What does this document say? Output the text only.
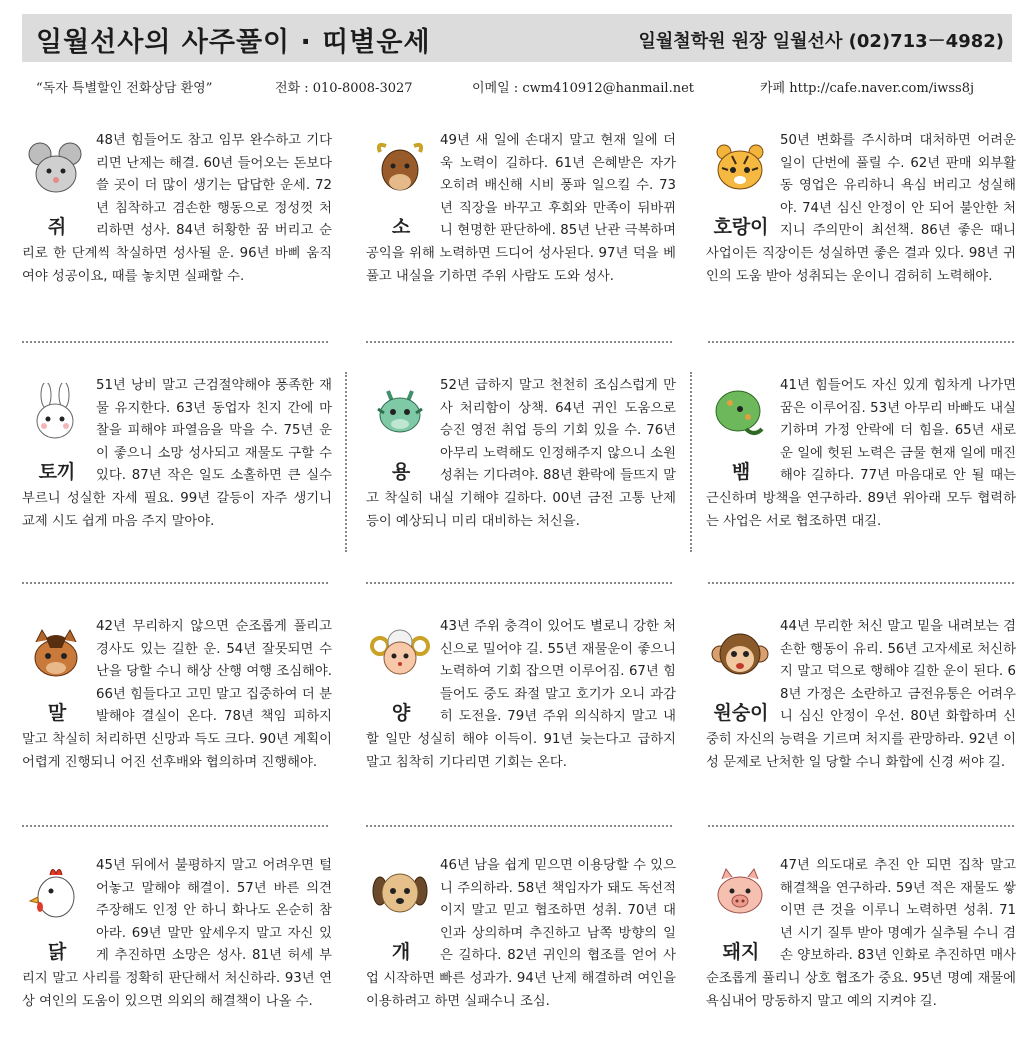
일월선사의 사주풀이 · 띠별운세	일월철학원 원장 일월선사 (02)713－4982)
“독자 특별할인 전화상담 환영”	전화 : 010-8008-3027	이메일 : cwm410912@hanmail.net	카페 http://cafe.naver.com/iwss8j
48년 힘들어도 참고 임무 완수하고 기다리면 난제는 해결. 60년 들어오는 돈보다 쓸 곳이 더 많이 생기는 답답한 운세. 72년 침착하고 겸손한 행동으로 정성껏 처리하면 성사. 84년 허황한 꿈 버리고 순리로 한 단계씩 착실하면 성사될 운. 96년 바삐 움직여야 성공이요, 때를 놓치면 실패할 수.
쥐
49년 새 일에 손대지 말고 현재 일에 더욱 노력이 길하다. 61년 은혜받은 자가 오히려 배신해 시비 풍파 일으킬 수. 73년 직장을 바꾸고 후회와 만족이 뒤바뀌니 현명한 판단하에. 85년 난관 극복하며 공익을 위해 노력하면 드디어 성사된다. 97년 덕을 베풀고 내실을 기하면 주위 사람도 도와 성사.
소
50년 변화를 주시하며 대처하면 어려운 일이 단번에 풀릴 수. 62년 판매 외부활동 영업은 유리하니 욕심 버리고 성실해야. 74년 심신 안정이 안 되어 불안한 처지니 주의만이 최선책. 86년 좋은 때니 사업이든 직장이든 성실하면 좋은 결과 있다. 98년 귀인의 도움 받아 성취되는 운이니 겸허히 노력해야.
호랑이
51년 낭비 말고 근검절약해야 풍족한 재물 유지한다. 63년 동업자 친지 간에 마찰을 피해야 파열음을 막을 수. 75년 운이 좋으니 소망 성사되고 재물도 구할 수 있다. 87년 작은 일도 소홀하면 큰 실수 부르니 성실한 자세 필요. 99년 갈등이 자주 생기니 교제 시도 쉽게 마음 주지 말아야.
토끼
52년 급하지 말고 천천히 조심스럽게 만사 처리함이 상책. 64년 귀인 도움으로 승진 영전 취업 등의 기회 있을 수. 76년 아무리 노력해도 인정해주지 않으니 소원성취는 기다려야. 88년 환락에 들뜨지 말고 착실히 내실 기해야 길하다. 00년 금전 고통 난제 등이 예상되니 미리 대비하는 처신을.
용
41년 힘들어도 자신 있게 힘차게 나가면 꿈은 이루어짐. 53년 아무리 바빠도 내실 기하며 가정 안락에 더 힘을. 65년 새로운 일에 헛된 노력은 금물 현재 일에 매진해야 길하다. 77년 마음대로 안 될 때는 근신하며 방책을 연구하라. 89년 위아래 모두 협력하는 사업은 서로 협조하면 대길.
뱀
42년 무리하지 않으면 순조롭게 풀리고 경사도 있는 길한 운. 54년 잘못되면 수난을 당할 수니 해상 산행 여행 조심해야. 66년 힘들다고 고민 말고 집중하여 더 분발해야 결실이 온다. 78년 책임 피하지 말고 착실히 처리하면 신망과 득도 크다. 90년 계획이 어렵게 진행되니 어진 선후배와 협의하며 진행해야.
말
43년 주위 충격이 있어도 별로니 강한 처신으로 밀어야 길. 55년 재물운이 좋으니 노력하여 기회 잡으면 이루어짐. 67년 힘들어도 중도 좌절 말고 호기가 오니 과감히 도전을. 79년 주위 의식하지 말고 내 할 일만 성실히 해야 이득이. 91년 늦는다고 급하지 말고 침착히 기다리면 기회는 온다.
양
44년 무리한 처신 말고 밑을 내려보는 겸손한 행동이 유리. 56년 고자세로 처신하지 말고 덕으로 행해야 길한 운이 된다. 68년 가정은 소란하고 금전유통은 어려우니 심신 안정이 우선. 80년 화합하며 신중히 자신의 능력을 기르며 처지를 관망하라. 92년 이성 문제로 난처한 일 당할 수니 화합에 신경 써야 길.
원숭이
45년 뒤에서 불평하지 말고 어려우면 털어놓고 말해야 해결이. 57년 바른 의견 주장해도 인정 안 하니 화나도 온순히 참아라. 69년 말만 앞세우지 말고 자신 있게 추진하면 소망은 성사. 81년 허세 부리지 말고 사리를 정확히 판단해서 처신하라. 93년 연상 여인의 도움이 있으면 의외의 해결책이 나올 수.
닭
46년 남을 쉽게 믿으면 이용당할 수 있으니 주의하라. 58년 책임자가 돼도 독선적이지 말고 믿고 협조하면 성취. 70년 대인과 상의하며 추진하고 남쪽 방향의 일은 길하다. 82년 귀인의 협조를 얻어 사업 시작하면 빠른 성과가. 94년 난제 해결하려 여인을 이용하려고 하면 실패수니 조심.
개
47년 의도대로 추진 안 되면 집착 말고 해결책을 연구하라. 59년 적은 재물도 쌓이면 큰 것을 이루니 노력하면 성취. 71년 시기 질투 받아 명예가 실추될 수니 겸손 양보하라. 83년 인화로 추진하면 매사 순조롭게 풀리니 상호 협조가 중요. 95년 명예 재물에 욕심내어 망동하지 말고 예의 지켜야 길.
돼지
